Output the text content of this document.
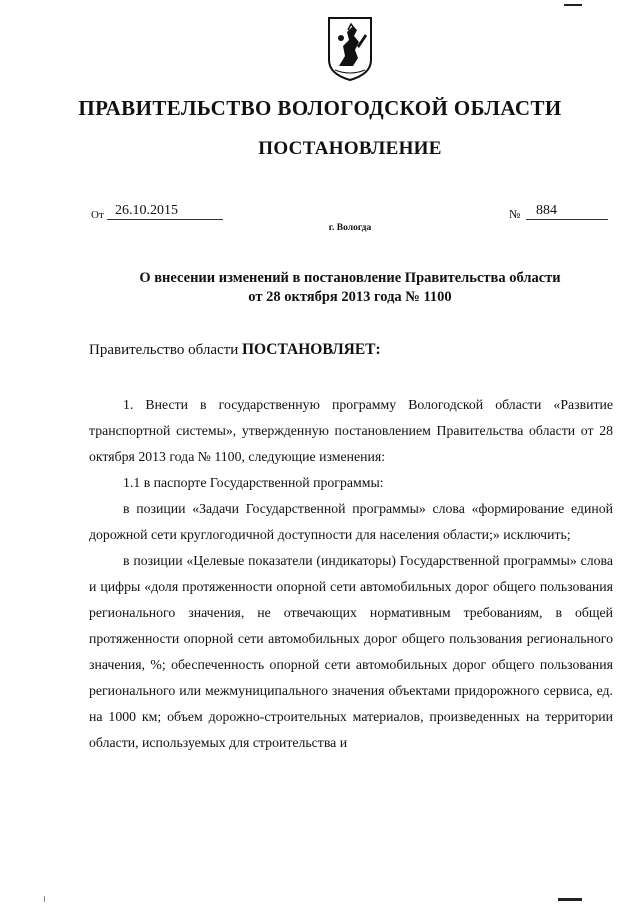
ПРАВИТЕЛЬСТВО ВОЛОГОДСКОЙ ОБЛАСТИ
ПОСТАНОВЛЕНИЕ
От 26.10.2015	№	884
г. Вологда
О внесении изменений в постановление Правительства области
от 28 октября 2013 года № 1100
Правительство области ПОСТАНОВЛЯЕТ:

1. Внести в государственную программу Вологодской области «Развитие транспортной системы», утвержденную постановлением Правительства области от 28 октября 2013 года № 1100, следующие изменения:

1.1 в паспорте Государственной программы:

в позиции «Задачи Государственной программы» слова «формирование единой дорожной сети круглогодичной доступности для населения области;» исключить;

в позиции «Целевые показатели (индикаторы) Государственной программы» слова и цифры «доля протяженности опорной сети автомобильных дорог общего пользования регионального значения, не отвечающих нормативным требованиям, в общей протяженности опорной сети автомобильных дорог общего пользования регионального значения, %; обеспеченность опорной сети автомобильных дорог общего пользования регионального или межмуниципального значения объектами придорожного сервиса, ед. на 1000 км; объем дорожно-строительных материалов, произведенных на территории области, используемых для строительства и
